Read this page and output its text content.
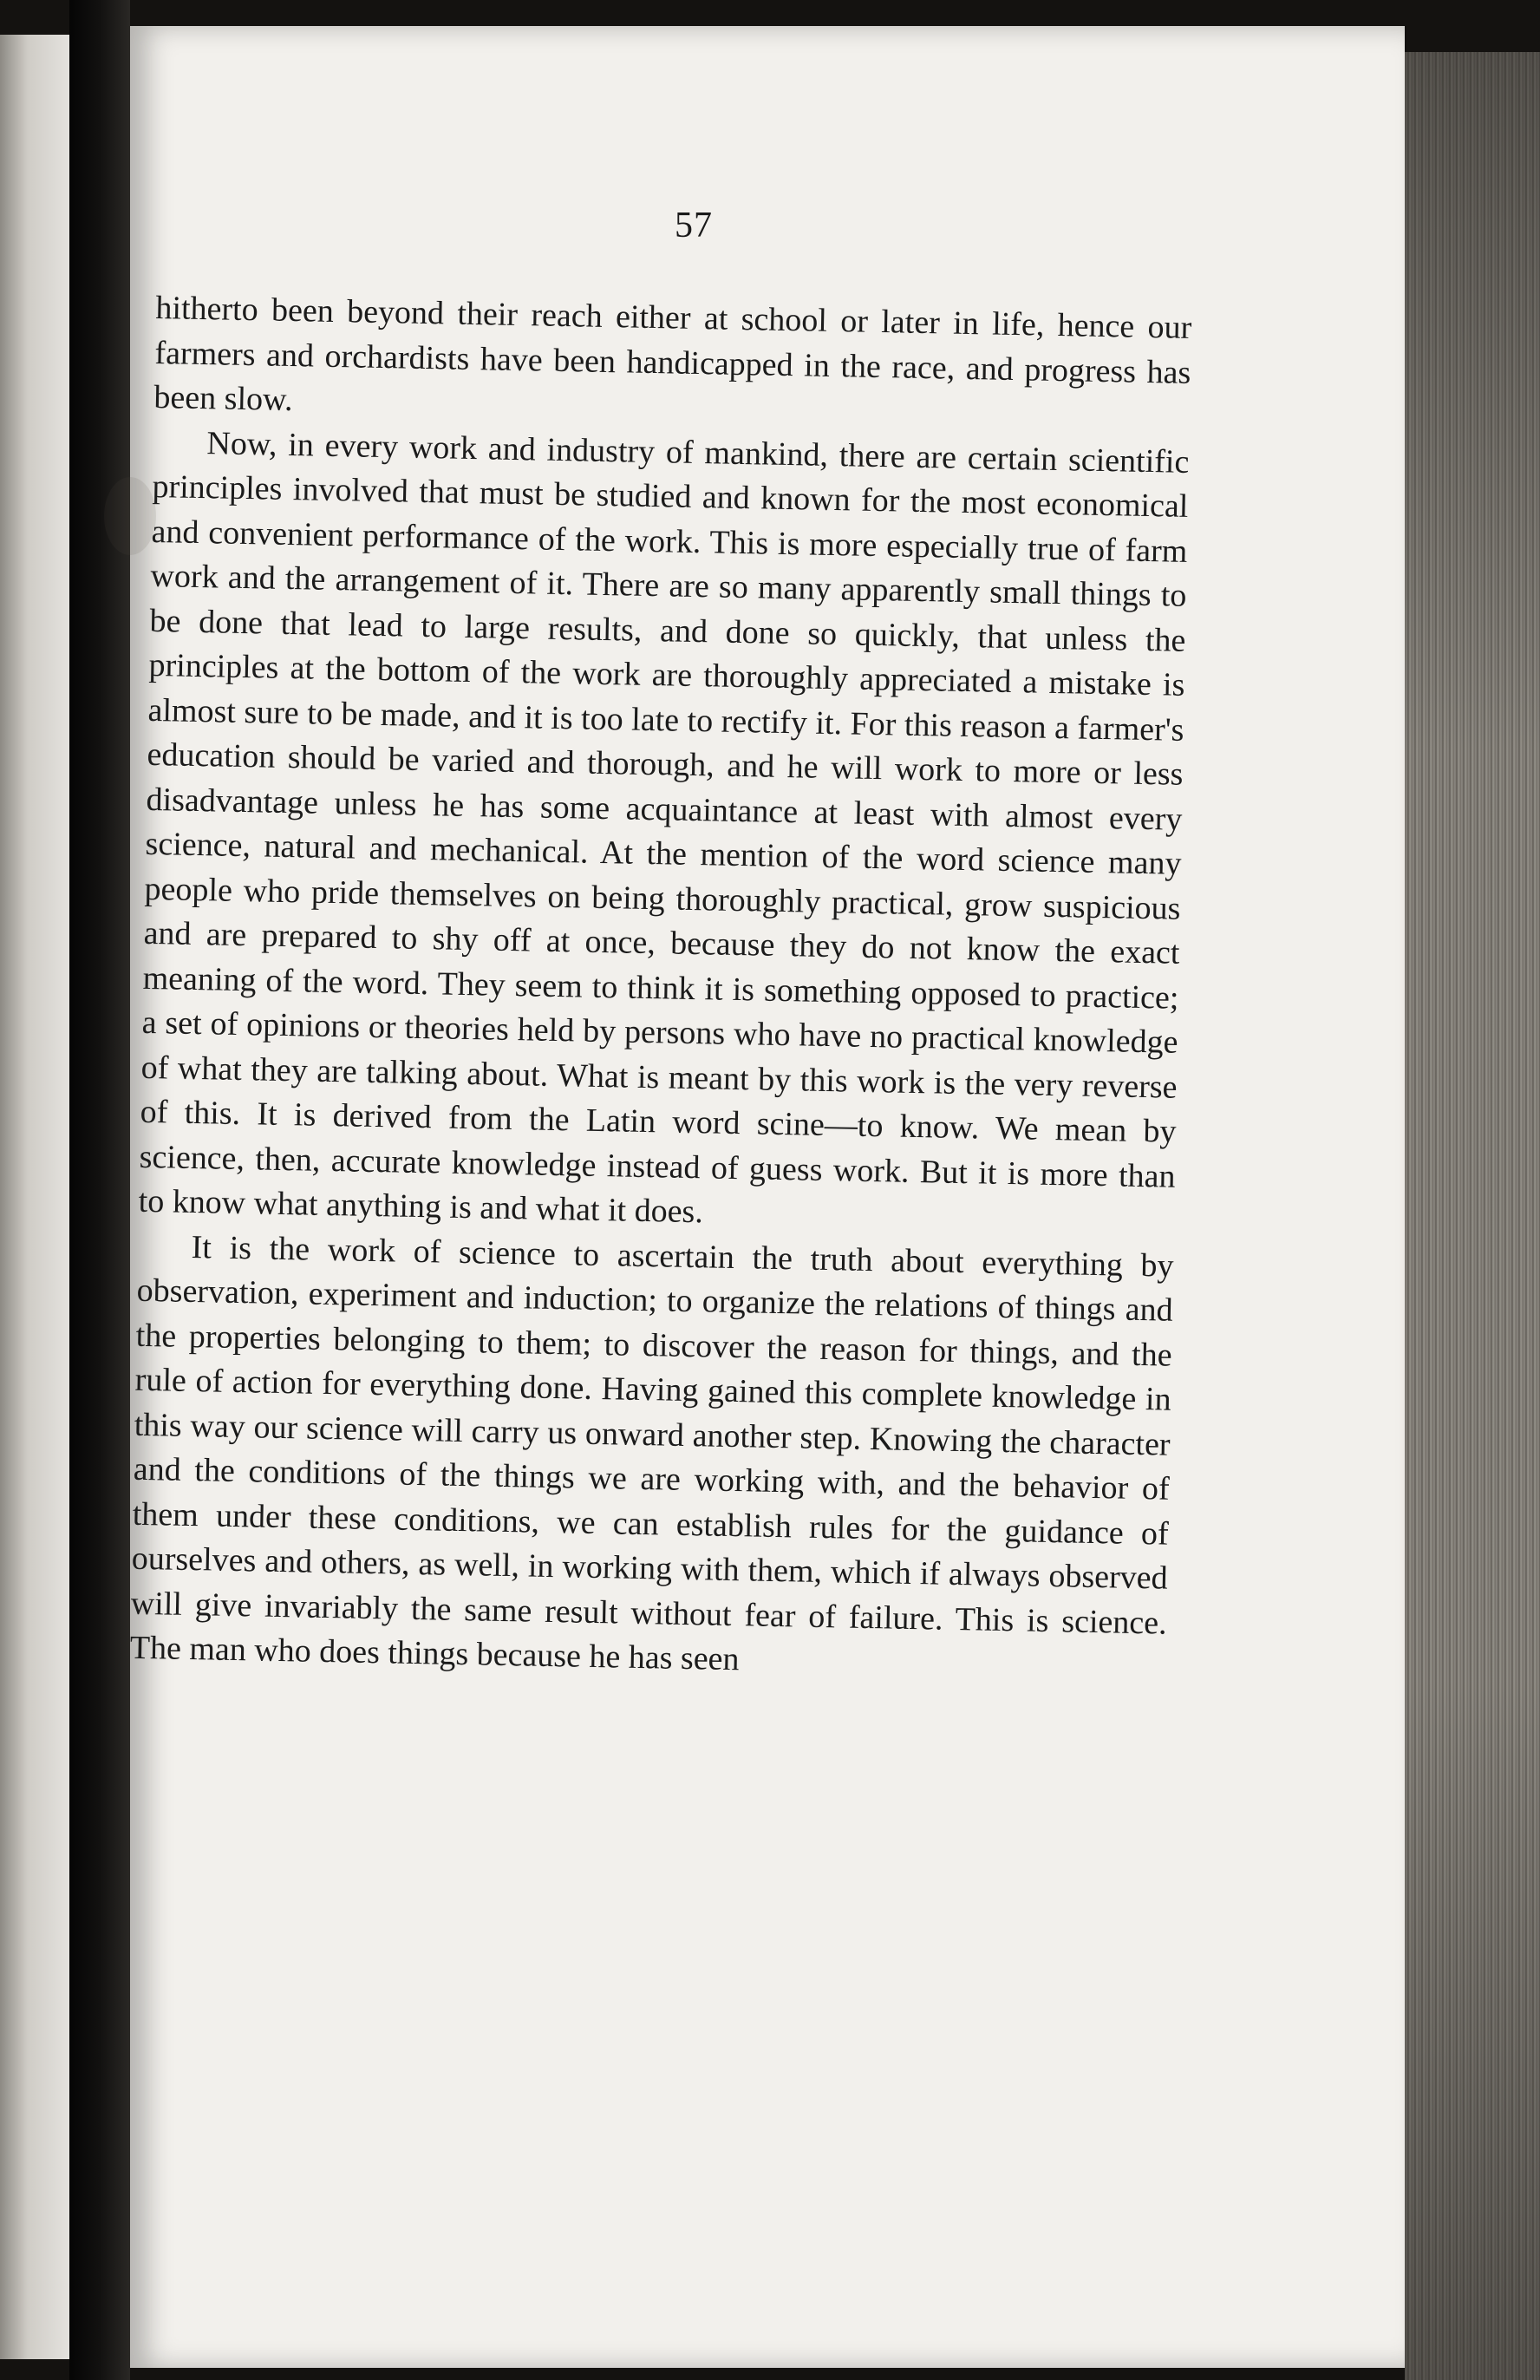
57

hitherto been beyond their reach either at school or later in life, hence our farmers and orchardists have been handicapped in the race, and progress has been slow.

Now, in every work and industry of mankind, there are certain scientific principles involved that must be studied and known for the most economical and convenient performance of the work. This is more especially true of farm work and the arrangement of it. There are so many apparently small things to be done that lead to large results, and done so quickly, that unless the principles at the bottom of the work are thoroughly appreciated a mistake is almost sure to be made, and it is too late to rectify it. For this reason a farmer's education should be varied and thorough, and he will work to more or less disadvantage unless he has some acquaintance at least with almost every science, natural and mechanical. At the mention of the word science many people who pride themselves on being thoroughly practical, grow suspicious and are prepared to shy off at once, because they do not know the exact meaning of the word. They seem to think it is something opposed to practice; a set of opinions or theories held by persons who have no practical knowledge of what they are talking about. What is meant by this work is the very reverse of this. It is derived from the Latin word scine—to know. We mean by science, then, accurate knowledge instead of guess work. But it is more than to know what anything is and what it does.

It is the work of science to ascertain the truth about everything by observation, experiment and induction; to organize the relations of things and the properties belonging to them; to discover the reason for things, and the rule of action for everything done. Having gained this complete knowledge in this way our science will carry us onward another step. Knowing the character and the conditions of the things we are working with, and the behavior of them under these conditions, we can establish rules for the guidance of ourselves and others, as well, in working with them, which if always observed will give invariably the same result without fear of failure. This is science. The man who does things because he has seen
